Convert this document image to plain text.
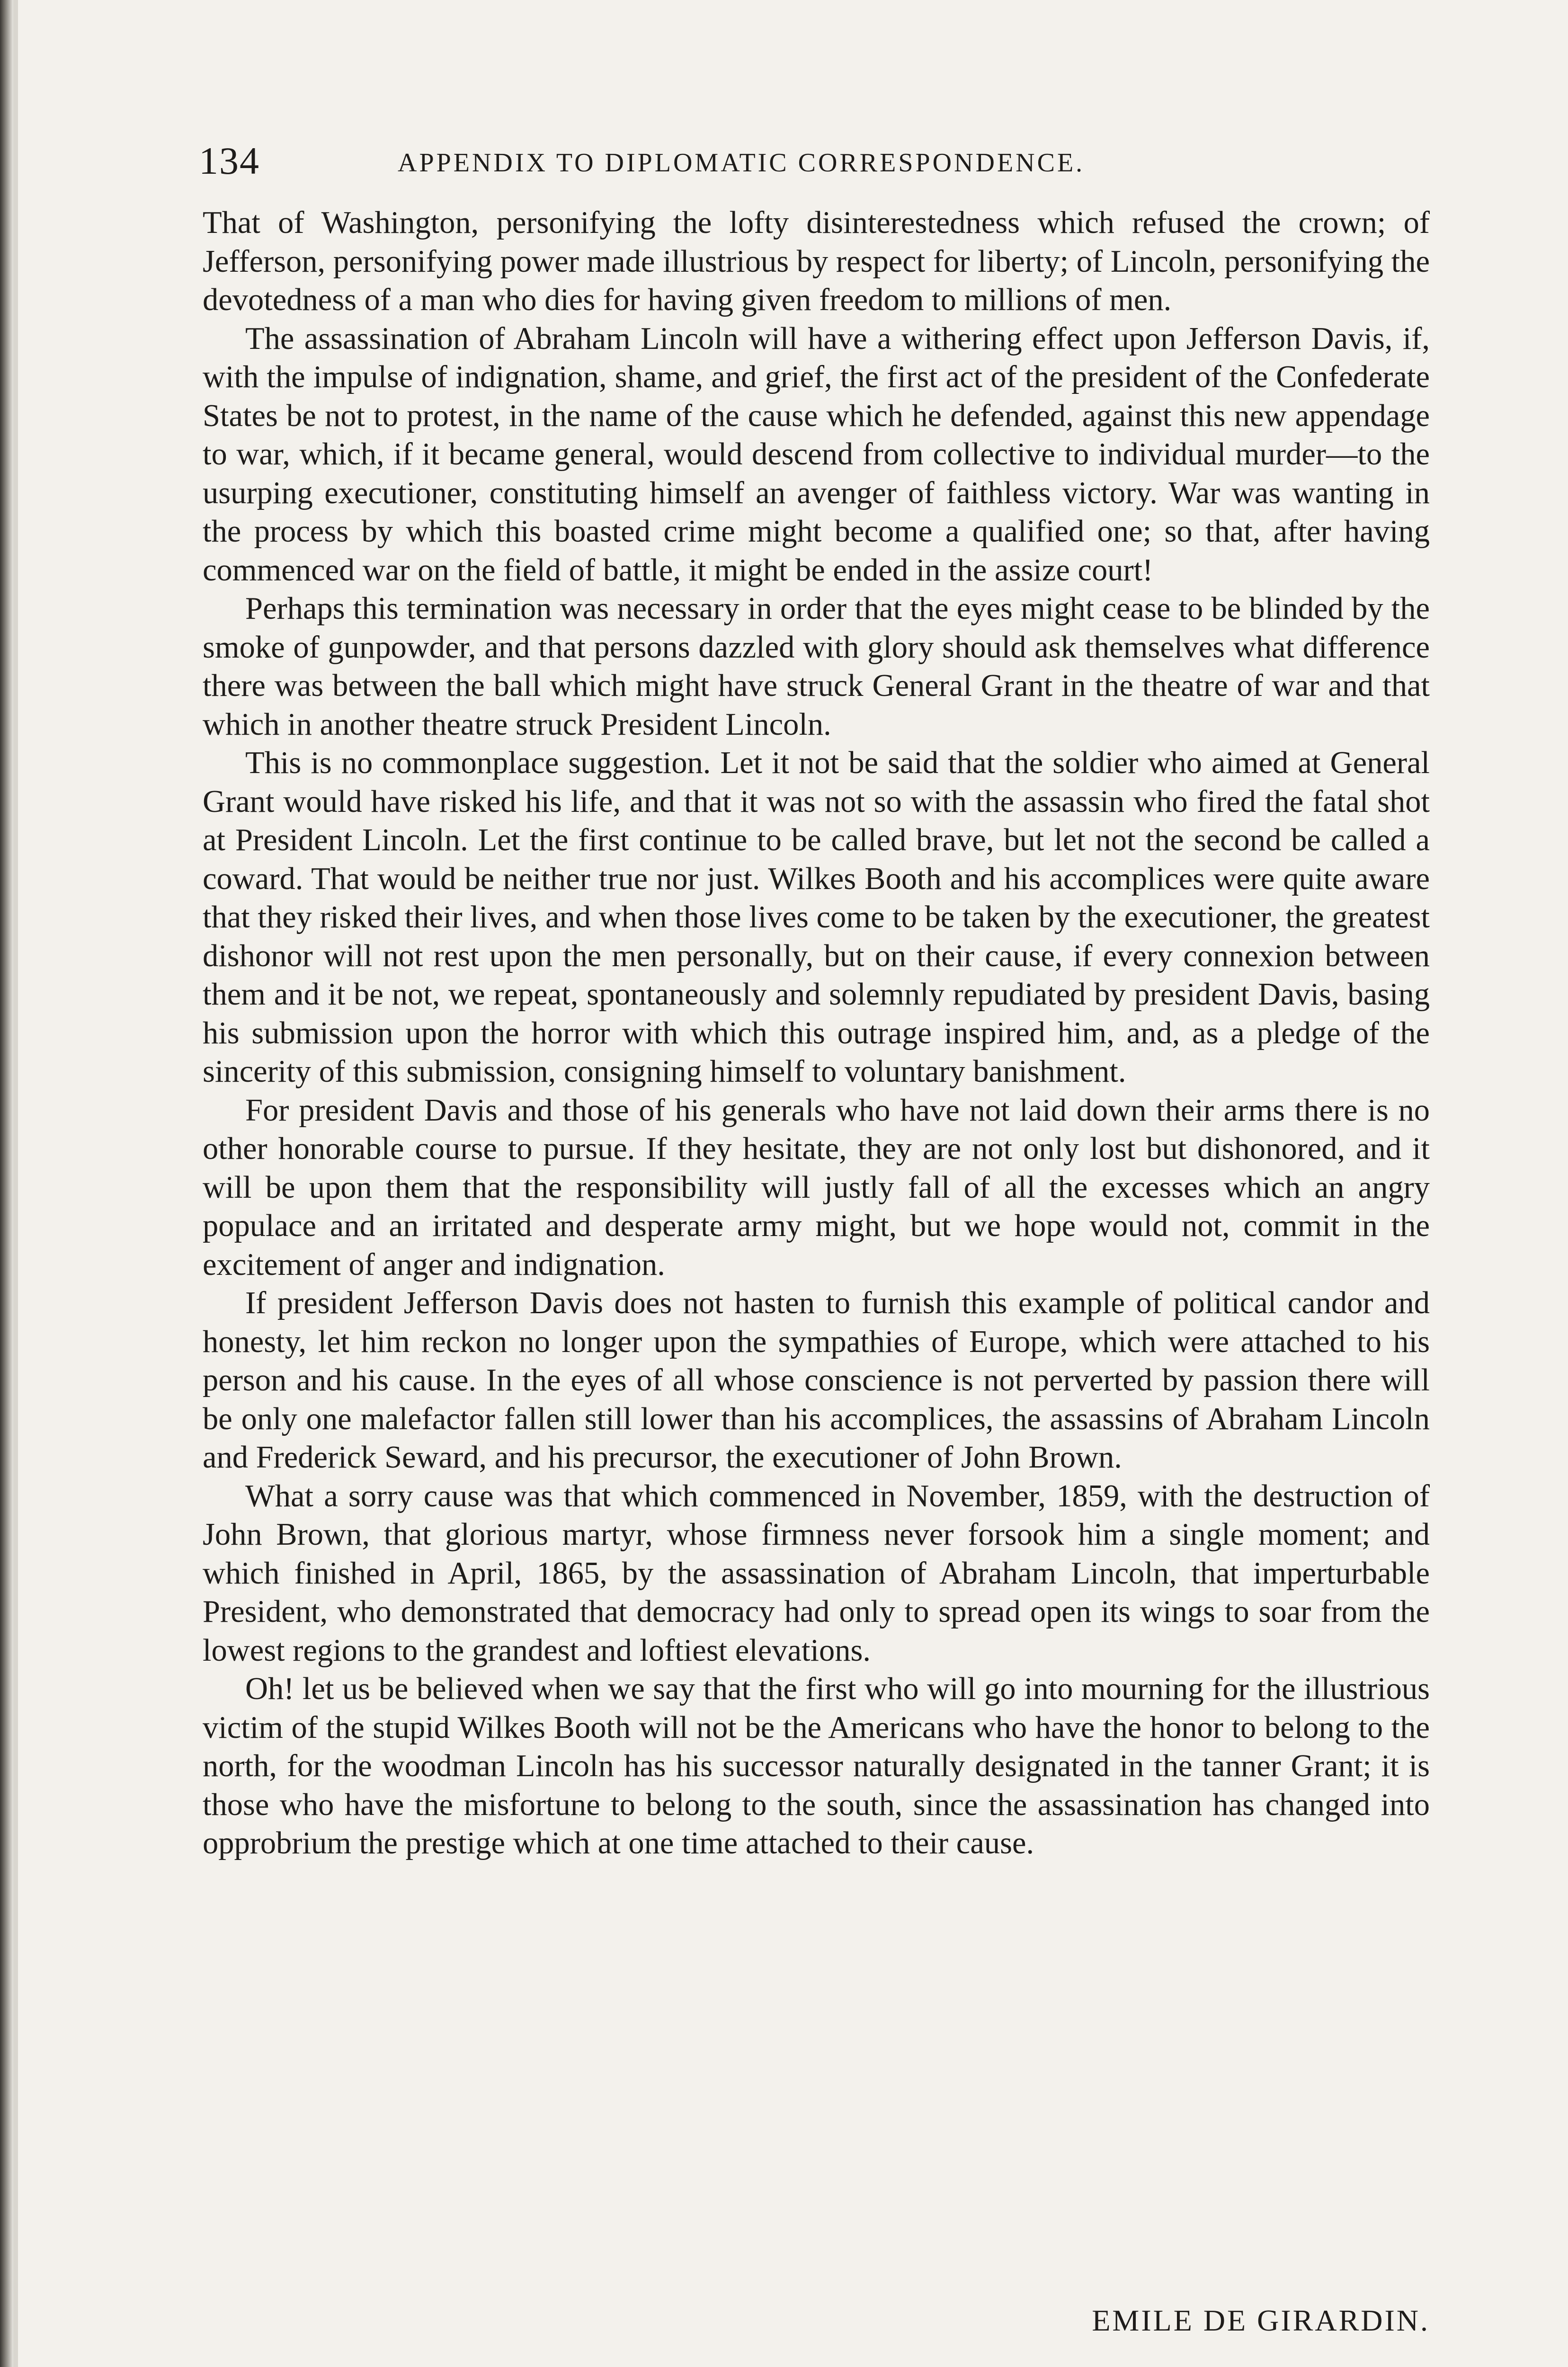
134	APPENDIX TO DIPLOMATIC CORRESPONDENCE.

That of Washington, personifying the lofty disinterestedness which refused the crown; of Jefferson, personifying power made illustrious by respect for liberty; of Lincoln, personifying the devotedness of a man who dies for having given freedom to millions of men.

The assassination of Abraham Lincoln will have a withering effect upon Jefferson Davis, if, with the impulse of indignation, shame, and grief, the first act of the president of the Confederate States be not to protest, in the name of the cause which he defended, against this new appendage to war, which, if it became general, would descend from collective to individual murder—to the usurping executioner, constituting himself an avenger of faithless victory. War was wanting in the process by which this boasted crime might become a qualified one; so that, after having commenced war on the field of battle, it might be ended in the assize court!

Perhaps this termination was necessary in order that the eyes might cease to be blinded by the smoke of gunpowder, and that persons dazzled with glory should ask themselves what difference there was between the ball which might have struck General Grant in the theatre of war and that which in another theatre struck President Lincoln.

This is no commonplace suggestion. Let it not be said that the soldier who aimed at General Grant would have risked his life, and that it was not so with the assassin who fired the fatal shot at President Lincoln. Let the first continue to be called brave, but let not the second be called a coward. That would be neither true nor just. Wilkes Booth and his accomplices were quite aware that they risked their lives, and when those lives come to be taken by the executioner, the greatest dishonor will not rest upon the men personally, but on their cause, if every connexion between them and it be not, we repeat, spontaneously and solemnly repudiated by president Davis, basing his submission upon the horror with which this outrage inspired him, and, as a pledge of the sincerity of this submission, consigning himself to voluntary banishment.

For president Davis and those of his generals who have not laid down their arms there is no other honorable course to pursue. If they hesitate, they are not only lost but dishonored, and it will be upon them that the responsibility will justly fall of all the excesses which an angry populace and an irritated and desperate army might, but we hope would not, commit in the excitement of anger and indignation.

If president Jefferson Davis does not hasten to furnish this example of political candor and honesty, let him reckon no longer upon the sympathies of Europe, which were attached to his person and his cause. In the eyes of all whose conscience is not perverted by passion there will be only one malefactor fallen still lower than his accomplices, the assassins of Abraham Lincoln and Frederick Seward, and his precursor, the executioner of John Brown.

What a sorry cause was that which commenced in November, 1859, with the destruction of John Brown, that glorious martyr, whose firmness never forsook him a single moment; and which finished in April, 1865, by the assassination of Abraham Lincoln, that imperturbable President, who demonstrated that democracy had only to spread open its wings to soar from the lowest regions to the grandest and loftiest elevations.

Oh! let us be believed when we say that the first who will go into mourning for the illustrious victim of the stupid Wilkes Booth will not be the Americans who have the honor to belong to the north, for the woodman Lincoln has his successor naturally designated in the tanner Grant; it is those who have the misfortune to belong to the south, since the assassination has changed into opprobrium the prestige which at one time attached to their cause.

EMILE DE GIRARDIN.
